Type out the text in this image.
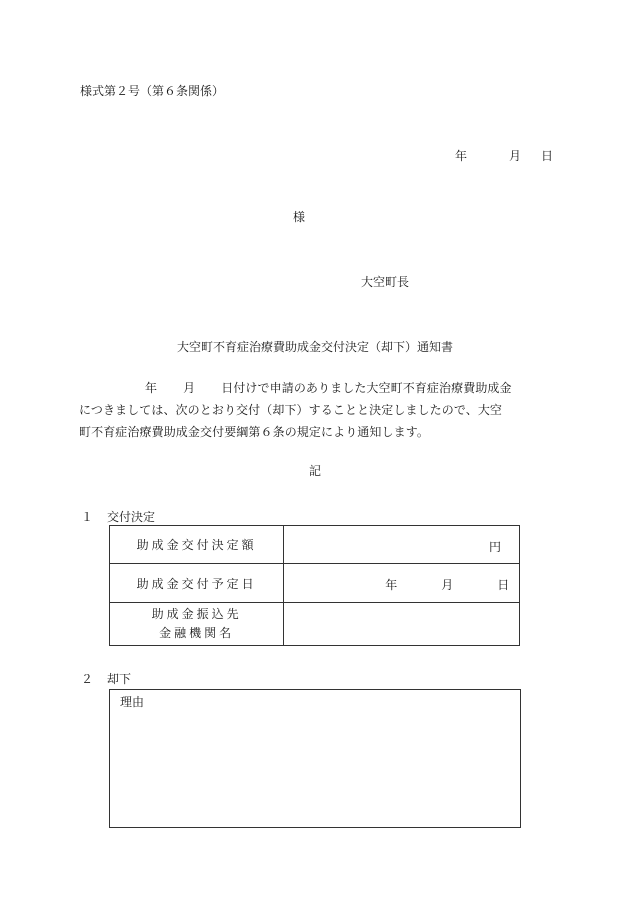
様式第２号（第６条関係）
年	月 日
様
大空町長
大空町不育症治療費助成金交付決定（却下）通知書
年 月 日付けで申請のありました大空町不育症治療費助成金
につきましては、次のとおり交付（却下）することと決定しましたので、大空
町不育症治療費助成金交付要綱第６条の規定により通知します。
記
１ 交付決定
助成金交付決定額	円

助成金交付予定日	年 月 日

助成金振込先
金融機関名	

２ 却下
理由
